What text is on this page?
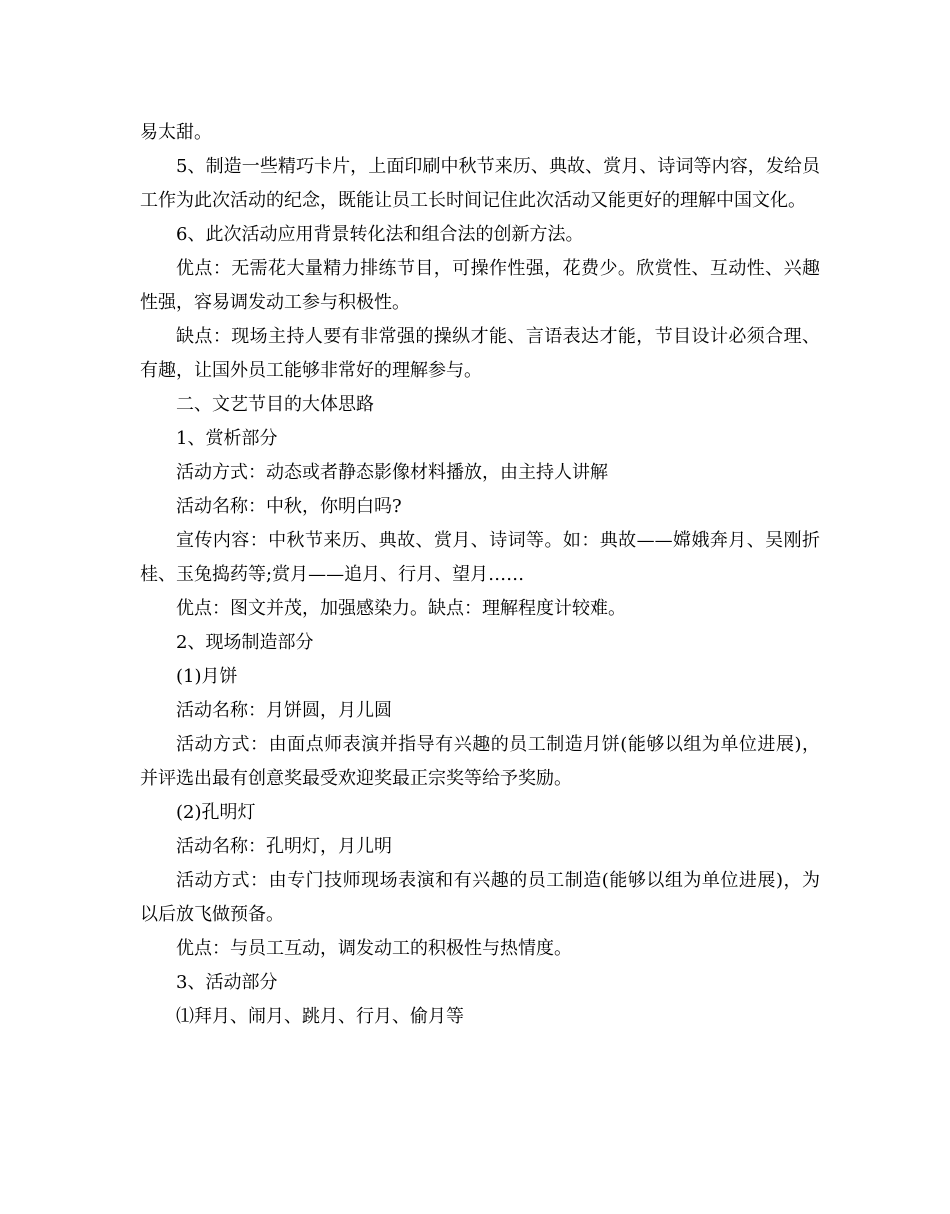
易太甜。

5、制造一些精巧卡片，上面印刷中秋节来历、典故、赏月、诗词等内容，发给员工作为此次活动的纪念，既能让员工长时间记住此次活动又能更好的理解中国文化。

6、此次活动应用背景转化法和组合法的创新方法。

优点：无需花大量精力排练节目，可操作性强，花费少。欣赏性、互动性、兴趣性强，容易调发动工参与积极性。

缺点：现场主持人要有非常强的操纵才能、言语表达才能，节目设计必须合理、有趣，让国外员工能够非常好的理解参与。

二、文艺节目的大体思路

1、赏析部分

活动方式：动态或者静态影像材料播放，由主持人讲解

活动名称：中秋，你明白吗?

宣传内容：中秋节来历、典故、赏月、诗词等。如：典故——嫦娥奔月、吴刚折桂、玉兔捣药等;赏月——追月、行月、望月……

优点：图文并茂，加强感染力。缺点：理解程度计较难。

2、现场制造部分

(1)月饼

活动名称：月饼圆，月儿圆

活动方式：由面点师表演并指导有兴趣的员工制造月饼(能够以组为单位进展)，并评选出最有创意奖最受欢迎奖最正宗奖等给予奖励。

(2)孔明灯

活动名称：孔明灯，月儿明

活动方式：由专门技师现场表演和有兴趣的员工制造(能够以组为单位进展)，为以后放飞做预备。

优点：与员工互动，调发动工的积极性与热情度。

3、活动部分

⑴拜月、闹月、跳月、行月、偷月等
